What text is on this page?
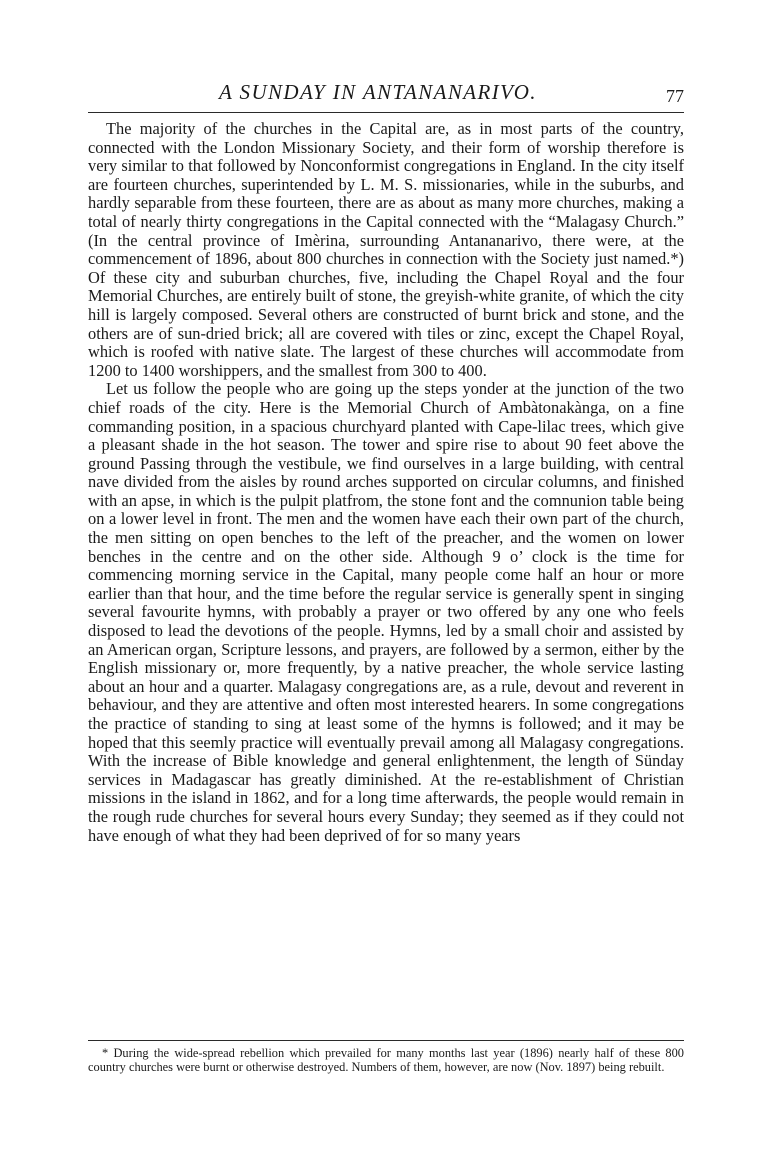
A SUNDAY IN ANTANANARIVO.	77

The majority of the churches in the Capital are, as in most parts of the country, connected with the London Missionary Society, and their form of worship therefore is very similar to that followed by Nonconformist congregations in England. In the city itself are fourteen churches, superintended by L. M. S. missionaries, while in the suburbs, and hardly separable from these fourteen, there are as about as many more churches, making a total of nearly thirty congregations in the Capital connected with the “Malagasy Church.” (In the central province of Imèrina, surrounding Antananarivo, there were, at the commencement of 1896, about 800 churches in connection with the Society just named.*) Of these city and suburban churches, five, including the Chapel Royal and the four Memorial Churches, are entirely built of stone, the greyish-white granite, of which the city hill is largely composed. Several others are constructed of burnt brick and stone, and the others are of sun-dried brick; all are covered with tiles or zinc, except the Chapel Royal, which is roofed with native slate. The largest of these churches will accommodate from 1200 to 1400 worshippers, and the smallest from 300 to 400.

Let us follow the people who are going up the steps yonder at the junction of the two chief roads of the city. Here is the Memorial Church of Ambàtonakànga, on a fine commanding position, in a spacious churchyard planted with Cape-lilac trees, which give a pleasant shade in the hot season. The tower and spire rise to about 90 feet above the ground Passing through the vestibule, we find ourselves in a large building, with central nave divided from the aisles by round arches supported on circular columns, and finished with an apse, in which is the pulpit platfrom, the stone font and the comnunion table being on a lower level in front. The men and the women have each their own part of the church, the men sitting on open benches to the left of the preacher, and the women on lower benches in the centre and on the other side. Although 9 o’ clock is the time for commencing morning service in the Capital, many people come half an hour or more earlier than that hour, and the time before the regular service is generally spent in singing several favourite hymns, with probably a prayer or two offered by any one who feels disposed to lead the devotions of the people. Hymns, led by a small choir and assisted by an American organ, Scripture lessons, and prayers, are followed by a sermon, either by the English missionary or, more frequently, by a native preacher, the whole service lasting about an hour and a quarter. Malagasy congregations are, as a rule, devout and reverent in behaviour, and they are attentive and often most interested hearers. In some congregations the practice of standing to sing at least some of the hymns is followed; and it may be hoped that this seemly practice will eventually prevail among all Malagasy congregations. With the increase of Bible knowledge and general enlightenment, the length of Sünday services in Madagascar has greatly diminished. At the re-establishment of Christian missions in the island in 1862, and for a long time afterwards, the people would remain in the rough rude churches for several hours every Sunday; they seemed as if they could not have enough of what they had been deprived of for so many years

* During the wide-spread rebellion which prevailed for many months last year (1896) nearly half of these 800 country churches were burnt or otherwise destroyed. Numbers of them, however, are now (Nov. 1897) being rebuilt.
